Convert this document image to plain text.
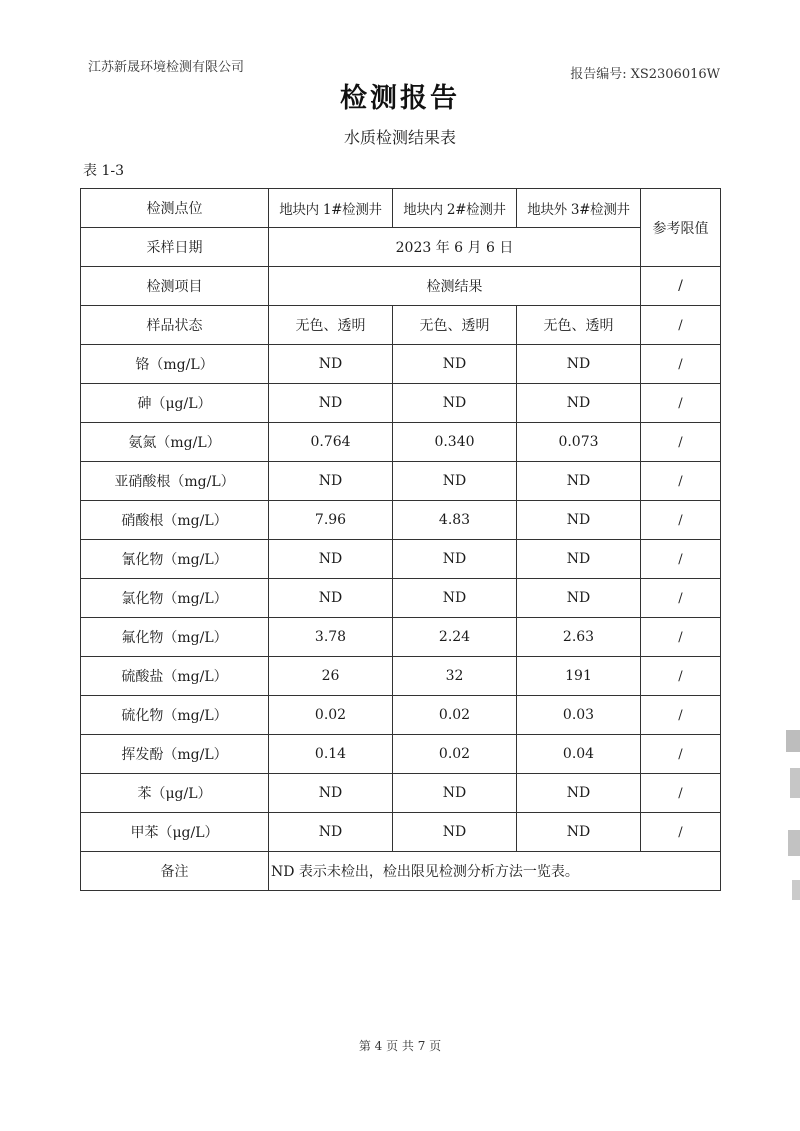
江苏新晟环境检测有限公司	报告编号: XS2306016W
检测报告
水质检测结果表
表 1-3
检测点位	地块内 1#检测井	地块内 2#检测井	地块外 3#检测井	参考限值
采样日期	2023 年 6 月 6 日			
检测项目	检测结果			/
样品状态	无色、透明	无色、透明	无色、透明	/
铬（mg/L）	ND	ND	ND	/
砷（μg/L）	ND	ND	ND	/
氨氮（mg/L）	0.764	0.340	0.073	/
亚硝酸根（mg/L）	ND	ND	ND	/
硝酸根（mg/L）	7.96	4.83	ND	/
氰化物（mg/L）	ND	ND	ND	/
氯化物（mg/L）	ND	ND	ND	/
氟化物（mg/L）	3.78	2.24	2.63	/
硫酸盐（mg/L）	26	32	191	/
硫化物（mg/L）	0.02	0.02	0.03	/
挥发酚（mg/L）	0.14	0.02	0.04	/
苯（μg/L）	ND	ND	ND	/
甲苯（μg/L）	ND	ND	ND	/
备注	ND 表示未检出，检出限见检测分析方法一览表。			
第 4 页 共 7 页
